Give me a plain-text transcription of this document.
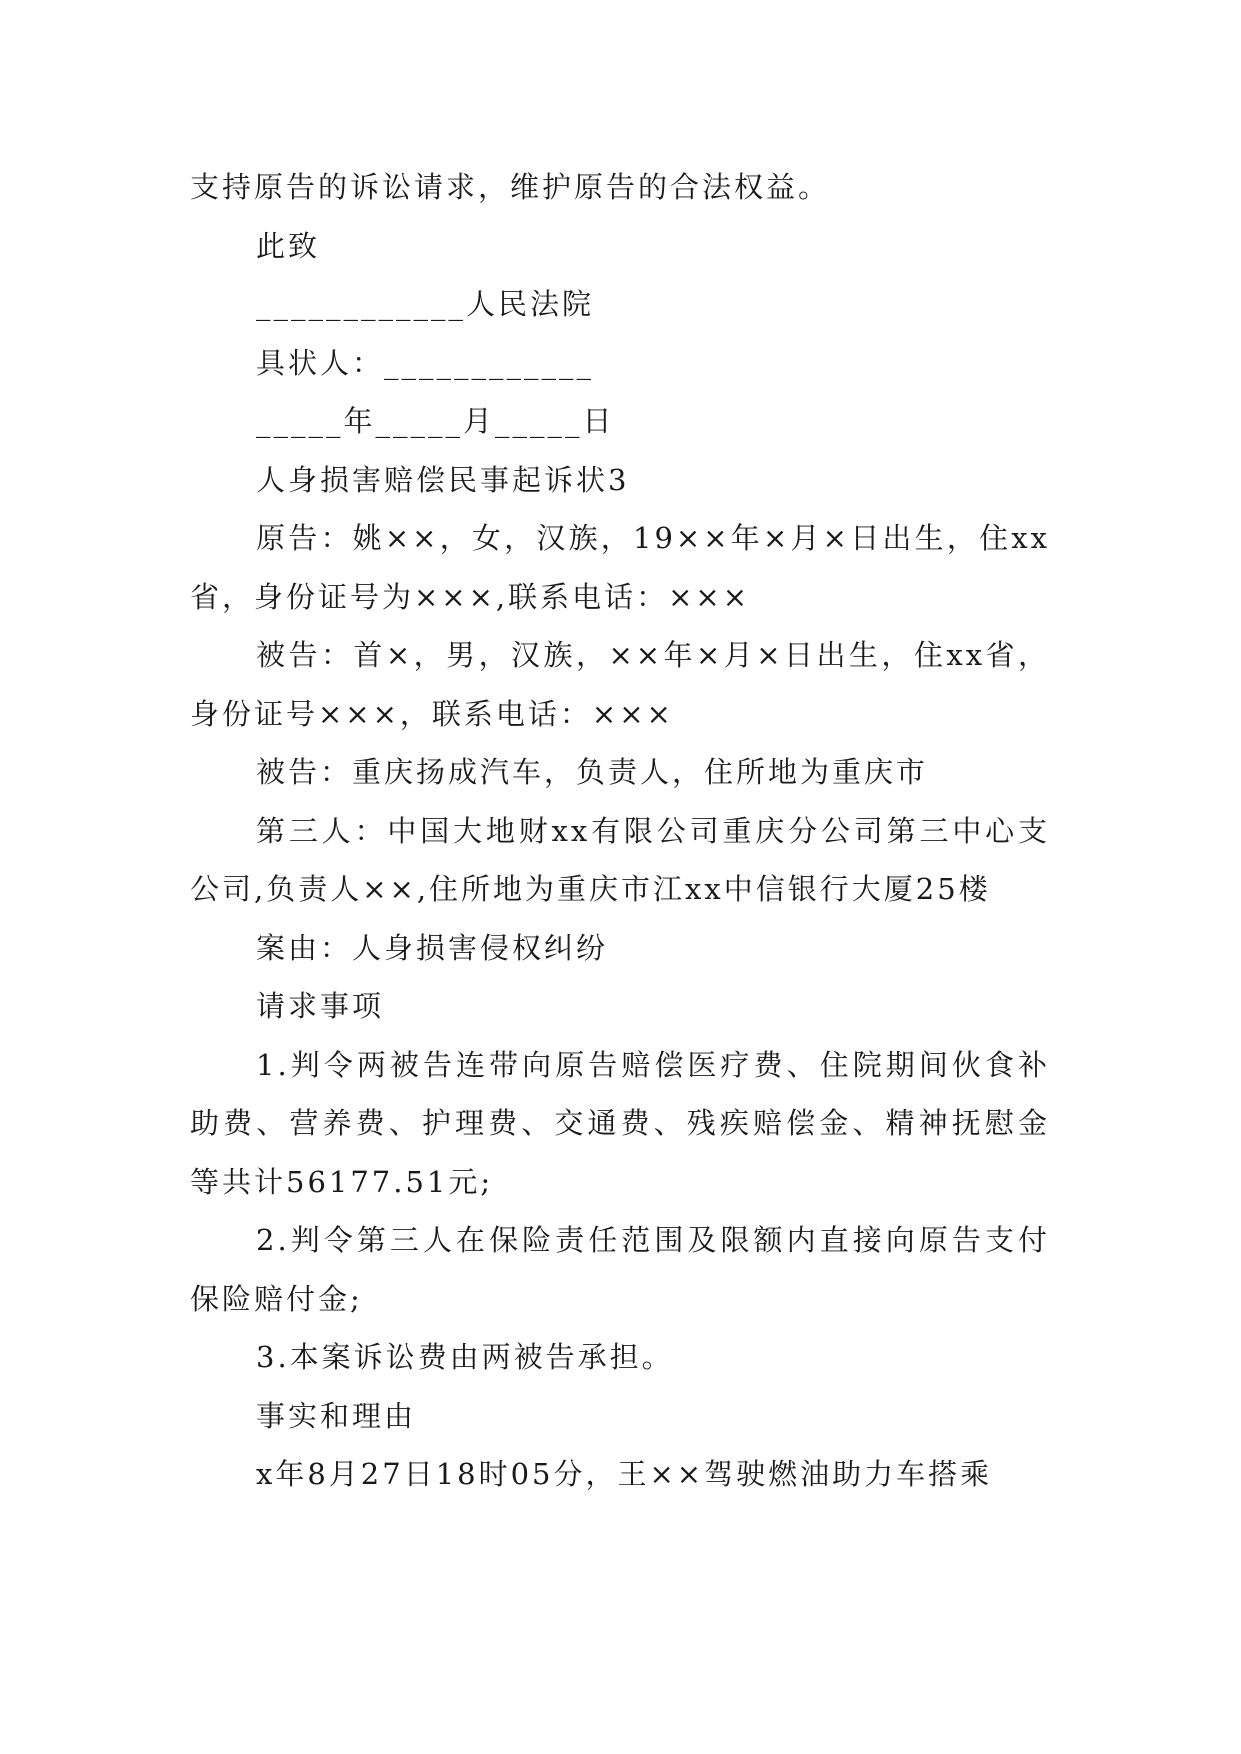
支持原告的诉讼请求，维护原告的合法权益。

此致

____________人民法院

具状人：____________

_____年_____月_____日

人身损害赔偿民事起诉状3

原告：姚××，女，汉族，19××年×月×日出生，住xx省，身份证号为×××,联系电话：×××

被告：首×，男，汉族，××年×月×日出生，住xx省，身份证号×××，联系电话：×××

被告：重庆扬成汽车，负责人，住所地为重庆市

第三人：中国大地财xx有限公司重庆分公司第三中心支公司,负责人××,住所地为重庆市江xx中信银行大厦25楼

案由：人身损害侵权纠纷

请求事项

1.判令两被告连带向原告赔偿医疗费、住院期间伙食补助费、营养费、护理费、交通费、残疾赔偿金、精神抚慰金等共计56177.51元;

2.判令第三人在保险责任范围及限额内直接向原告支付保险赔付金;

3.本案诉讼费由两被告承担。

事实和理由

x年8月27日18时05分，王××驾驶燃油助力车搭乘
